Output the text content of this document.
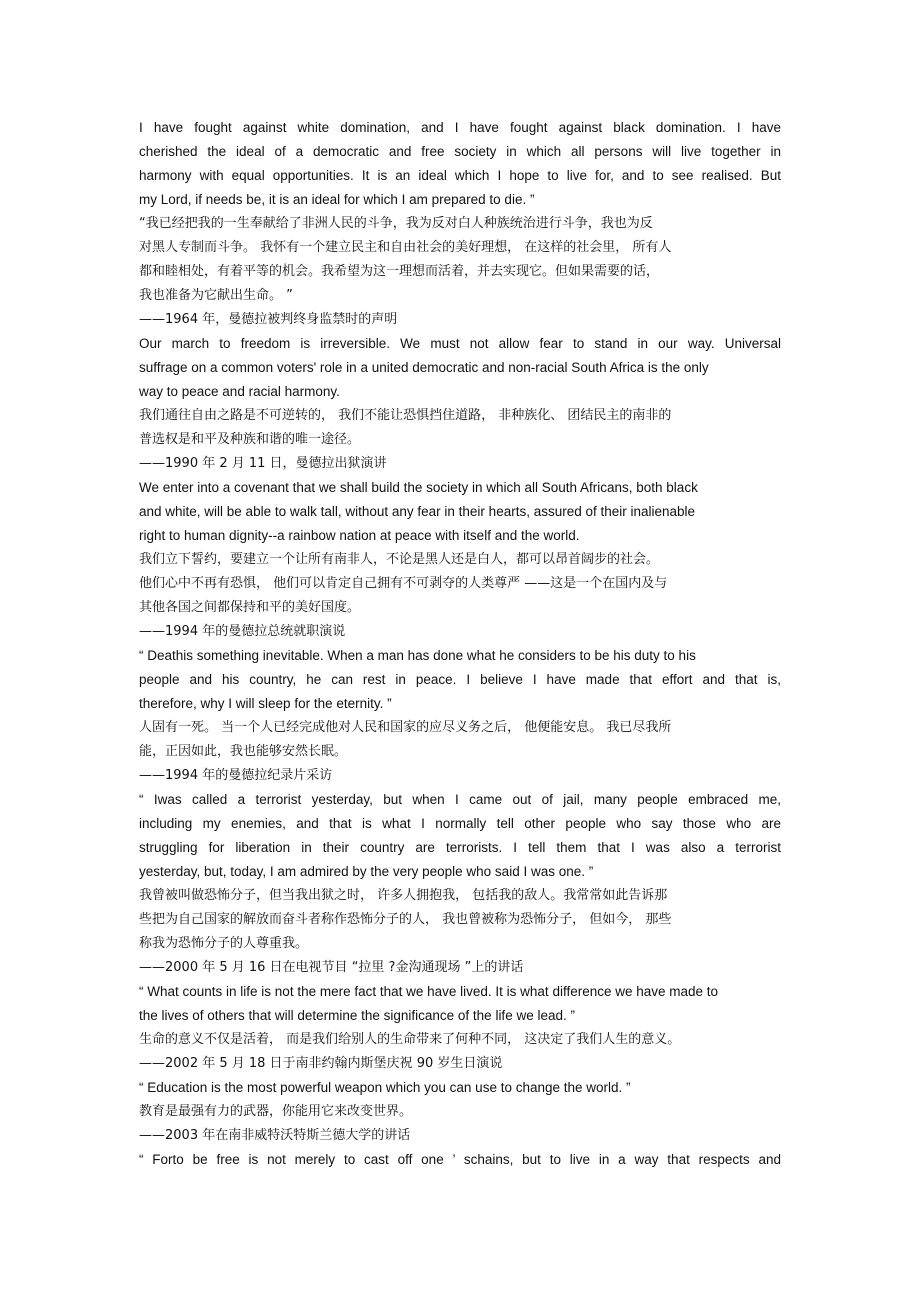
I have fought against white domination, and I have fought against black domination. I have
cherished the ideal of a democratic and free society in which all persons will live together in
harmony with equal opportunities. It is an ideal which I hope to live for, and to see realised. But
my Lord, if needs be, it is an ideal for which I am prepared to die. ”
“我已经把我的一生奉献给了非洲人民的斗争，我为反对白人种族统治进行斗争，我也为反
对黑人专制而斗争。 我怀有一个建立民主和自由社会的美好理想， 在这样的社会里， 所有人
都和睦相处，有着平等的机会。我希望为这一理想而活着，并去实现它。但如果需要的话，
我也准备为它献出生命。 ”
——1964 年，曼德拉被判终身监禁时的声明
Our march to freedom is irreversible. We must not allow fear to stand in our way. Universal
suffrage on a common voters' role in a united democratic and non-racial South Africa is the only
way to peace and racial harmony.
我们通往自由之路是不可逆转的， 我们不能让恐惧挡住道路， 非种族化、 团结民主的南非的
普选权是和平及种族和谐的唯一途径。
——1990 年 2 月 11 日，曼德拉出狱演讲
We enter into a covenant that we shall build the society in which all South Africans, both black
and white, will be able to walk tall, without any fear in their hearts, assured of their inalienable
right to human dignity--a rainbow nation at peace with itself and the world.
我们立下誓约，要建立一个让所有南非人，不论是黑人还是白人，都可以昂首阔步的社会。
他们心中不再有恐惧， 他们可以肯定自己拥有不可剥夺的人类尊严 ——这是一个在国内及与
其他各国之间都保持和平的美好国度。
——1994 年的曼德拉总统就职演说
“ Deathis something inevitable. When a man has done what he considers to be his duty to his
people and his country, he can rest in peace. I believe I have made that effort and that is,
therefore, why I will sleep for the eternity. ”
人固有一死。 当一个人已经完成他对人民和国家的应尽义务之后， 他便能安息。 我已尽我所
能，正因如此，我也能够安然长眠。
——1994 年的曼德拉纪录片采访
“ Iwas called a terrorist yesterday, but when I came out of jail, many people embraced me,
including my enemies, and that is what I normally tell other people who say those who are
struggling for liberation in their country are terrorists. I tell them that I was also a terrorist
yesterday, but, today, I am admired by the very people who said I was one. ”
我曾被叫做恐怖分子，但当我出狱之时， 许多人拥抱我， 包括我的敌人。我常常如此告诉那
些把为自己国家的解放而奋斗者称作恐怖分子的人， 我也曾被称为恐怖分子， 但如今， 那些
称我为恐怖分子的人尊重我。
——2000 年 5 月 16 日在电视节目 “拉里 ?金沟通现场 ”上的讲话
“ What counts in life is not the mere fact that we have lived. It is what difference we have made to
the lives of others that will determine the significance of the life we lead. ”
生命的意义不仅是活着， 而是我们给别人的生命带来了何种不同， 这决定了我们人生的意义。
——2002 年 5 月 18 日于南非约翰内斯堡庆祝 90 岁生日演说
“ Education is the most powerful weapon which you can use to change the world. ”
教育是最强有力的武器，你能用它来改变世界。
——2003 年在南非威特沃特斯兰德大学的讲话
“ Forto be free is not merely to cast off one ’ schains, but to live in a way that respects and
